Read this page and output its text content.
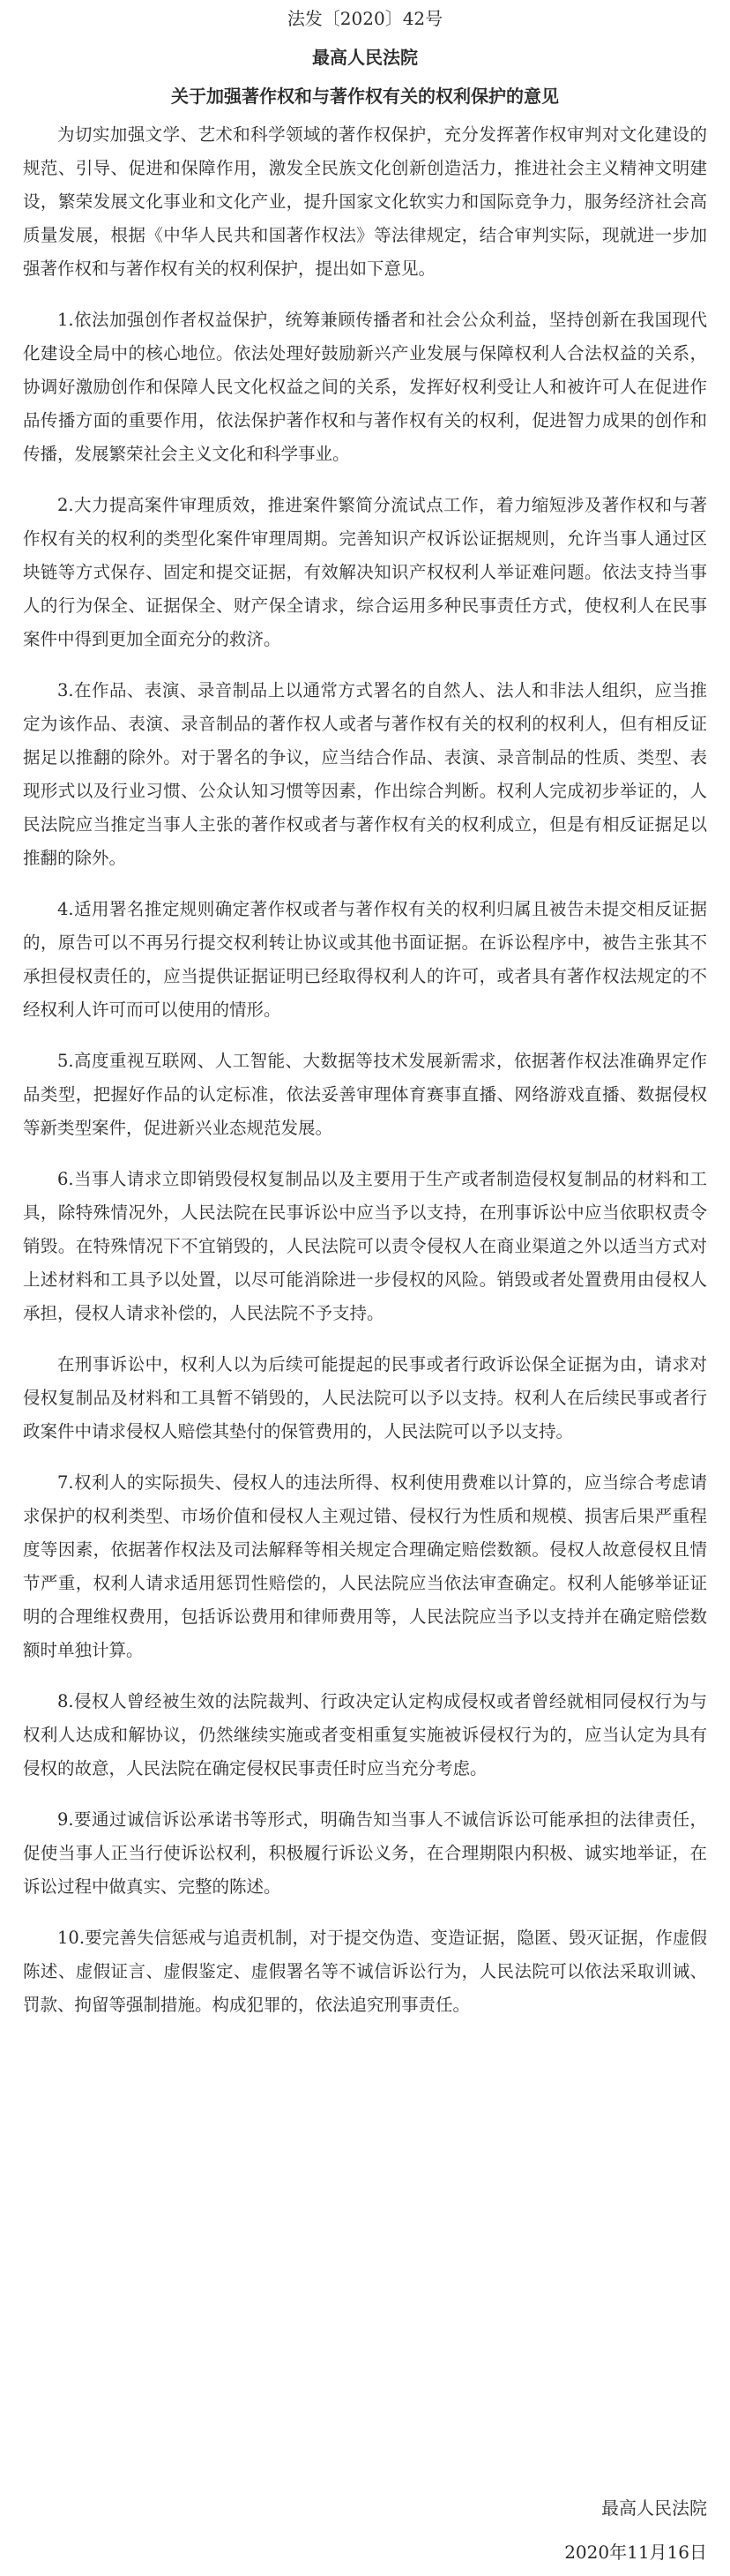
法发〔2020〕42号
最高人民法院
关于加强著作权和与著作权有关的权利保护的意见

为切实加强文学、艺术和科学领域的著作权保护，充分发挥著作权审判对文化建设的规范、引导、促进和保障作用，激发全民族文化创新创造活力，推进社会主义精神文明建设，繁荣发展文化事业和文化产业，提升国家文化软实力和国际竞争力，服务经济社会高质量发展，根据《中华人民共和国著作权法》等法律规定，结合审判实际，现就进一步加强著作权和与著作权有关的权利保护，提出如下意见。

1.依法加强创作者权益保护，统筹兼顾传播者和社会公众利益，坚持创新在我国现代化建设全局中的核心地位。依法处理好鼓励新兴产业发展与保障权利人合法权益的关系，协调好激励创作和保障人民文化权益之间的关系，发挥好权利受让人和被许可人在促进作品传播方面的重要作用，依法保护著作权和与著作权有关的权利，促进智力成果的创作和传播，发展繁荣社会主义文化和科学事业。

2.大力提高案件审理质效，推进案件繁简分流试点工作，着力缩短涉及著作权和与著作权有关的权利的类型化案件审理周期。完善知识产权诉讼证据规则，允许当事人通过区块链等方式保存、固定和提交证据，有效解决知识产权权利人举证难问题。依法支持当事人的行为保全、证据保全、财产保全请求，综合运用多种民事责任方式，使权利人在民事案件中得到更加全面充分的救济。

3.在作品、表演、录音制品上以通常方式署名的自然人、法人和非法人组织，应当推定为该作品、表演、录音制品的著作权人或者与著作权有关的权利的权利人，但有相反证据足以推翻的除外。对于署名的争议，应当结合作品、表演、录音制品的性质、类型、表现形式以及行业习惯、公众认知习惯等因素，作出综合判断。权利人完成初步举证的，人民法院应当推定当事人主张的著作权或者与著作权有关的权利成立，但是有相反证据足以推翻的除外。

4.适用署名推定规则确定著作权或者与著作权有关的权利归属且被告未提交相反证据的，原告可以不再另行提交权利转让协议或其他书面证据。在诉讼程序中，被告主张其不承担侵权责任的，应当提供证据证明已经取得权利人的许可，或者具有著作权法规定的不经权利人许可而可以使用的情形。

5.高度重视互联网、人工智能、大数据等技术发展新需求，依据著作权法准确界定作品类型，把握好作品的认定标准，依法妥善审理体育赛事直播、网络游戏直播、数据侵权等新类型案件，促进新兴业态规范发展。

6.当事人请求立即销毁侵权复制品以及主要用于生产或者制造侵权复制品的材料和工具，除特殊情况外，人民法院在民事诉讼中应当予以支持，在刑事诉讼中应当依职权责令销毁。在特殊情况下不宜销毁的，人民法院可以责令侵权人在商业渠道之外以适当方式对上述材料和工具予以处置，以尽可能消除进一步侵权的风险。销毁或者处置费用由侵权人承担，侵权人请求补偿的，人民法院不予支持。

在刑事诉讼中，权利人以为后续可能提起的民事或者行政诉讼保全证据为由，请求对侵权复制品及材料和工具暂不销毁的，人民法院可以予以支持。权利人在后续民事或者行政案件中请求侵权人赔偿其垫付的保管费用的，人民法院可以予以支持。

7.权利人的实际损失、侵权人的违法所得、权利使用费难以计算的，应当综合考虑请求保护的权利类型、市场价值和侵权人主观过错、侵权行为性质和规模、损害后果严重程度等因素，依据著作权法及司法解释等相关规定合理确定赔偿数额。侵权人故意侵权且情节严重，权利人请求适用惩罚性赔偿的，人民法院应当依法审查确定。权利人能够举证证明的合理维权费用，包括诉讼费用和律师费用等，人民法院应当予以支持并在确定赔偿数额时单独计算。

8.侵权人曾经被生效的法院裁判、行政决定认定构成侵权或者曾经就相同侵权行为与权利人达成和解协议，仍然继续实施或者变相重复实施被诉侵权行为的，应当认定为具有侵权的故意，人民法院在确定侵权民事责任时应当充分考虑。

9.要通过诚信诉讼承诺书等形式，明确告知当事人不诚信诉讼可能承担的法律责任，促使当事人正当行使诉讼权利，积极履行诉讼义务，在合理期限内积极、诚实地举证，在诉讼过程中做真实、完整的陈述。

10.要完善失信惩戒与追责机制，对于提交伪造、变造证据，隐匿、毁灭证据，作虚假陈述、虚假证言、虚假鉴定、虚假署名等不诚信诉讼行为，人民法院可以依法采取训诫、罚款、拘留等强制措施。构成犯罪的，依法追究刑事责任。

最高人民法院
2020年11月16日
